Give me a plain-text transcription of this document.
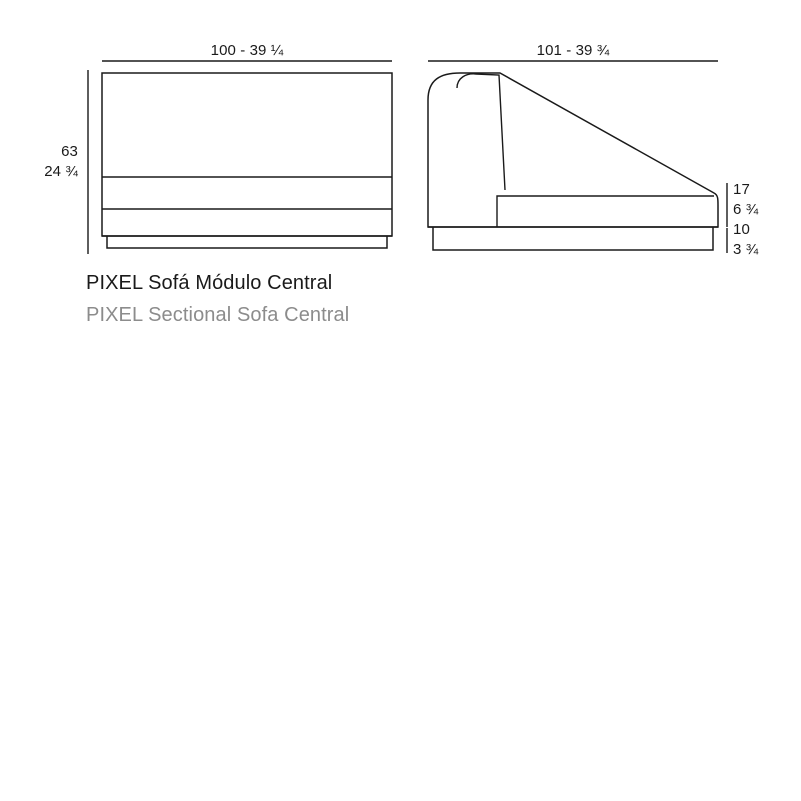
100 - 39 ¼
63
24 ¾
101 - 39 ¾
17
6 ¾
10
3 ¾
PIXEL Sofá Módulo Central
PIXEL Sectional Sofa Central
